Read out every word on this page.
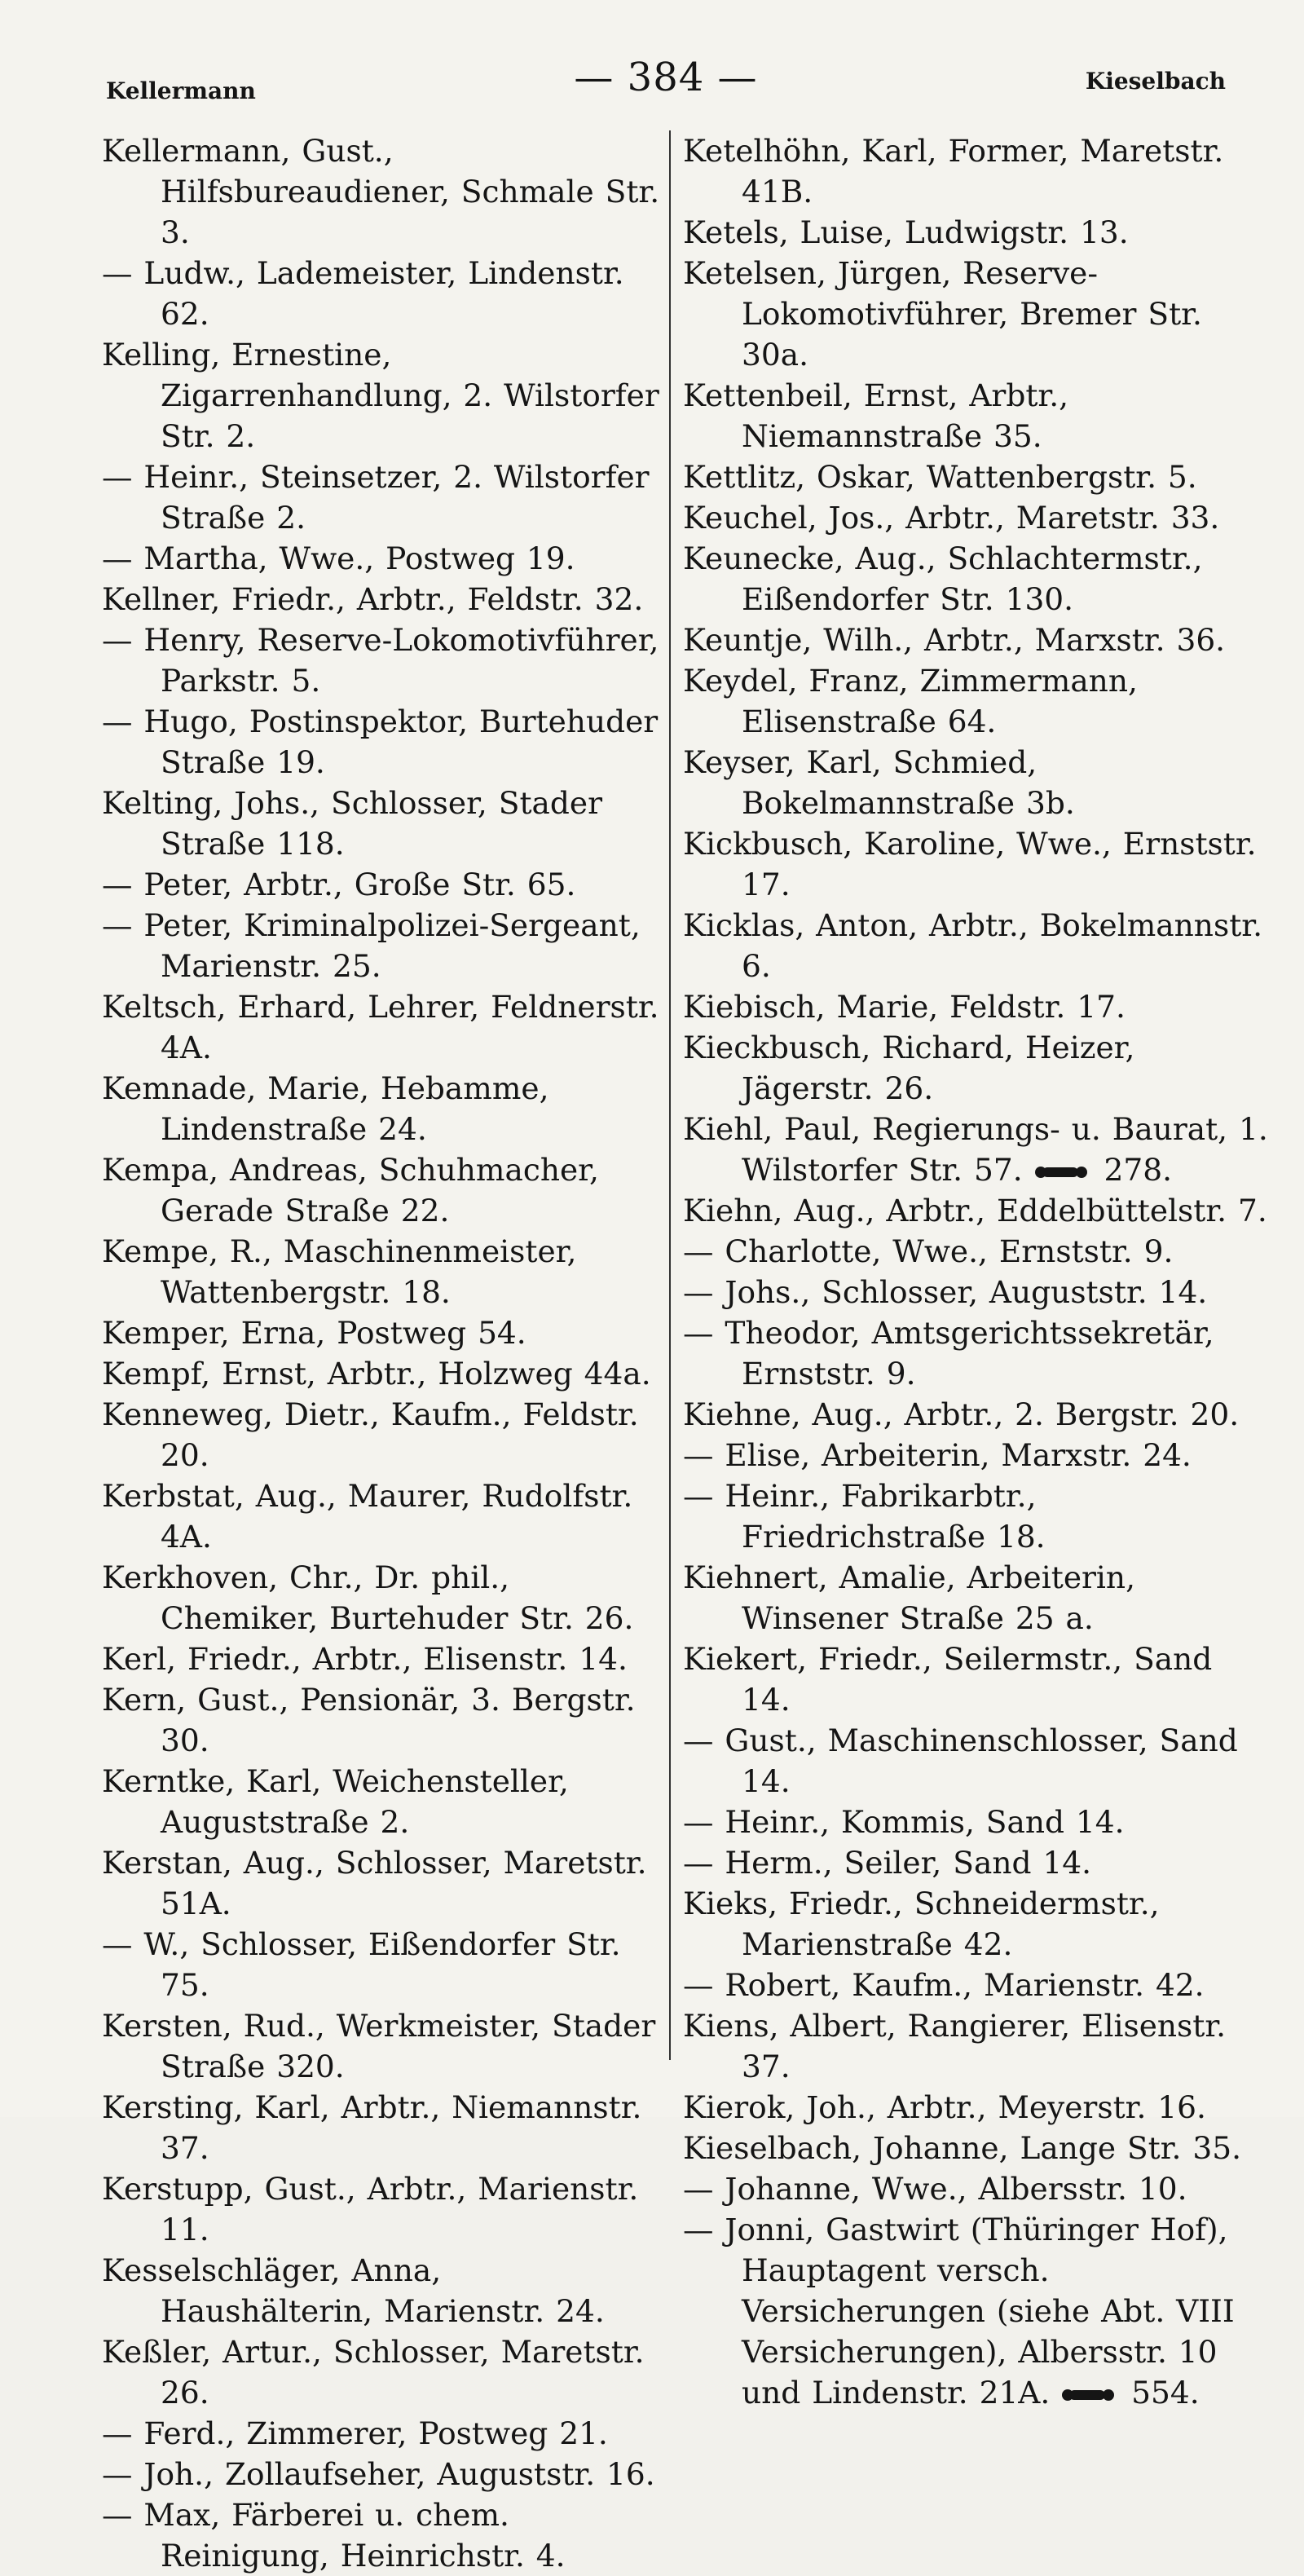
Kellermann	— 384 —	Kieselbach
Kellermann, Gust., Hilfsbureaudiener, Schmale Str. 3.
— Ludw., Lademeister, Lindenstr. 62.
Kelling, Ernestine, Zigarrenhandlung, 2. Wilstorfer Str. 2.
— Heinr., Steinsetzer, 2. Wilstorfer Straße 2.
— Martha, Wwe., Postweg 19.
Kellner, Friedr., Arbtr., Feldstr. 32.
— Henry, Reserve-Lokomotivführer, Parkstr. 5.
— Hugo, Postinspektor, Burtehuder Straße 19.
Kelting, Johs., Schlosser, Stader Straße 118.
— Peter, Arbtr., Große Str. 65.
— Peter, Kriminalpolizei-Sergeant, Marienstr. 25.
Keltsch, Erhard, Lehrer, Feldnerstr. 4A.
Kemnade, Marie, Hebamme, Lindenstraße 24.
Kempa, Andreas, Schuhmacher, Gerade Straße 22.
Kempe, R., Maschinenmeister, Wattenbergstr. 18.
Kemper, Erna, Postweg 54.
Kempf, Ernst, Arbtr., Holzweg 44a.
Kenneweg, Dietr., Kaufm., Feldstr. 20.
Kerbstat, Aug., Maurer, Rudolfstr. 4A.
Kerkhoven, Chr., Dr. phil., Chemiker, Burtehuder Str. 26.
Kerl, Friedr., Arbtr., Elisenstr. 14.
Kern, Gust., Pensionär, 3. Bergstr. 30.
Kerntke, Karl, Weichensteller, Auguststraße 2.
Kerstan, Aug., Schlosser, Maretstr. 51A.
— W., Schlosser, Eißendorfer Str. 75.
Kersten, Rud., Werkmeister, Stader Straße 320.
Kersting, Karl, Arbtr., Niemannstr. 37.
Kerstupp, Gust., Arbtr., Marienstr. 11.
Kesselschläger, Anna, Haushälterin, Marienstr. 24.
Keßler, Artur., Schlosser, Maretstr. 26.
— Ferd., Zimmerer, Postweg 21.
— Joh., Zollaufseher, Auguststr. 16.
— Max, Färberei u. chem. Reinigung, Heinrichstr. 4.
Ketelhöhn, Karl, Former, Maretstr. 41B.
Ketels, Luise, Ludwigstr. 13.
Ketelsen, Jürgen, Reserve-Lokomotivführer, Bremer Str. 30a.
Kettenbeil, Ernst, Arbtr., Niemannstraße 35.
Kettlitz, Oskar, Wattenbergstr. 5.
Keuchel, Jos., Arbtr., Maretstr. 33.
Keunecke, Aug., Schlachtermstr., Eißendorfer Str. 130.
Keuntje, Wilh., Arbtr., Marxstr. 36.
Keydel, Franz, Zimmermann, Elisenstraße 64.
Keyser, Karl, Schmied, Bokelmannstraße 3b.
Kickbusch, Karoline, Wwe., Ernststr. 17.
Kicklas, Anton, Arbtr., Bokelmannstr. 6.
Kiebisch, Marie, Feldstr. 17.
Kieckbusch, Richard, Heizer, Jägerstr. 26.
Kiehl, Paul, Regierungs- u. Baurat, 1. Wilstorfer Str. 57.  278.
Kiehn, Aug., Arbtr., Eddelbüttelstr. 7.
— Charlotte, Wwe., Ernststr. 9.
— Johs., Schlosser, Auguststr. 14.
— Theodor, Amtsgerichtssekretär, Ernststr. 9.
Kiehne, Aug., Arbtr., 2. Bergstr. 20.
— Elise, Arbeiterin, Marxstr. 24.
— Heinr., Fabrikarbtr., Friedrichstraße 18.
Kiehnert, Amalie, Arbeiterin, Winsener Straße 25 a.
Kiekert, Friedr., Seilermstr., Sand 14.
— Gust., Maschinenschlosser, Sand 14.
— Heinr., Kommis, Sand 14.
— Herm., Seiler, Sand 14.
Kieks, Friedr., Schneidermstr., Marienstraße 42.
— Robert, Kaufm., Marienstr. 42.
Kiens, Albert, Rangierer, Elisenstr. 37.
Kierok, Joh., Arbtr., Meyerstr. 16.
Kieselbach, Johanne, Lange Str. 35.
— Johanne, Wwe., Albersstr. 10.
— Jonni, Gastwirt (Thüringer Hof), Hauptagent versch. Versicherungen (siehe Abt. VIII Versicherungen), Albersstr. 10 und Lindenstr. 21A.  554.
